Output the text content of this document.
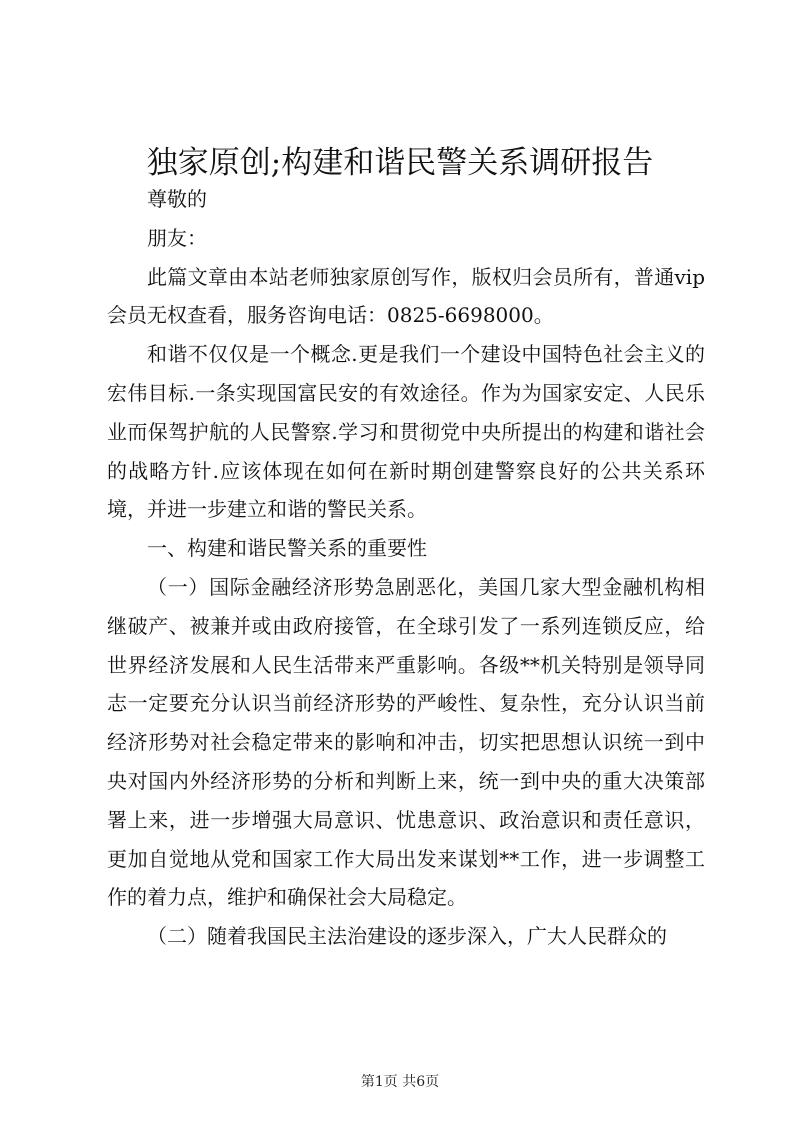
独家原创;构建和谐民警关系调研报告

尊敬的

朋友：

此篇文章由本站老师独家原创写作，版权归会员所有，普通vip会员无权查看，服务咨询电话：0825-6698000。

和谐不仅仅是一个概念.更是我们一个建设中国特色社会主义的宏伟目标.一条实现国富民安的有效途径。作为为国家安定、人民乐业而保驾护航的人民警察.学习和贯彻党中央所提出的构建和谐社会的战略方针.应该体现在如何在新时期创建警察良好的公共关系环境，并进一步建立和谐的警民关系。

一、构建和谐民警关系的重要性

（一）国际金融经济形势急剧恶化，美国几家大型金融机构相继破产、被兼并或由政府接管，在全球引发了一系列连锁反应，给世界经济发展和人民生活带来严重影响。各级**机关特别是领导同志一定要充分认识当前经济形势的严峻性、复杂性，充分认识当前经济形势对社会稳定带来的影响和冲击，切实把思想认识统一到中央对国内外经济形势的分析和判断上来，统一到中央的重大决策部署上来，进一步增强大局意识、忧患意识、政治意识和责任意识，更加自觉地从党和国家工作大局出发来谋划**工作，进一步调整工作的着力点，维护和确保社会大局稳定。

（二）随着我国民主法治建设的逐步深入，广大人民群众的

第1页 共6页
